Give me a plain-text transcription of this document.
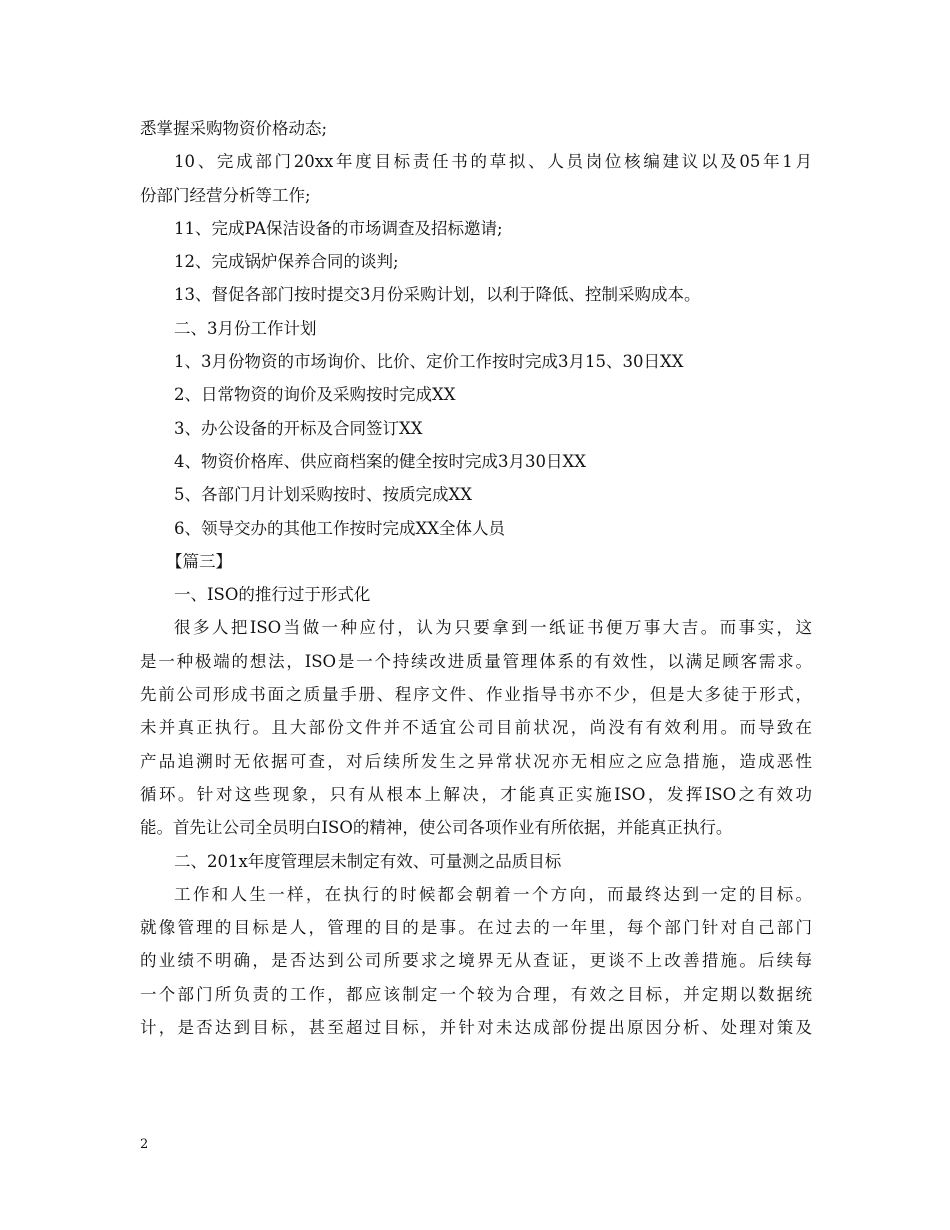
悉掌握采购物资价格动态;
10、完成部门20xx年度目标责任书的草拟、人员岗位核编建议以及05年1月
份部门经营分析等工作;
11、完成PA保洁设备的市场调查及招标邀请;
12、完成锅炉保养合同的谈判;
13、督促各部门按时提交3月份采购计划，以利于降低、控制采购成本。
二、3月份工作计划
1、3月份物资的市场询价、比价、定价工作按时完成3月15、30日XX
2、日常物资的询价及采购按时完成XX
3、办公设备的开标及合同签订XX
4、物资价格库、供应商档案的健全按时完成3月30日XX
5、各部门月计划采购按时、按质完成XX
6、领导交办的其他工作按时完成XX全体人员
【篇三】
一、ISO的推行过于形式化
很多人把ISO当做一种应付，认为只要拿到一纸证书便万事大吉。而事实，这
是一种极端的想法，ISO是一个持续改进质量管理体系的有效性，以满足顾客需求。
先前公司形成书面之质量手册、程序文件、作业指导书亦不少，但是大多徒于形式，
未并真正执行。且大部份文件并不适宜公司目前状况，尚没有有效利用。而导致在
产品追溯时无依据可查，对后续所发生之异常状况亦无相应之应急措施，造成恶性
循环。针对这些现象，只有从根本上解决，才能真正实施ISO，发挥ISO之有效功
能。首先让公司全员明白ISO的精神，使公司各项作业有所依据，并能真正执行。
二、201x年度管理层未制定有效、可量测之品质目标
工作和人生一样，在执行的时候都会朝着一个方向，而最终达到一定的目标。
就像管理的目标是人，管理的目的是事。在过去的一年里，每个部门针对自己部门
的业绩不明确，是否达到公司所要求之境界无从查证，更谈不上改善措施。后续每
一个部门所负责的工作，都应该制定一个较为合理，有效之目标，并定期以数据统
计，是否达到目标，甚至超过目标，并针对未达成部份提出原因分析、处理对策及
2
